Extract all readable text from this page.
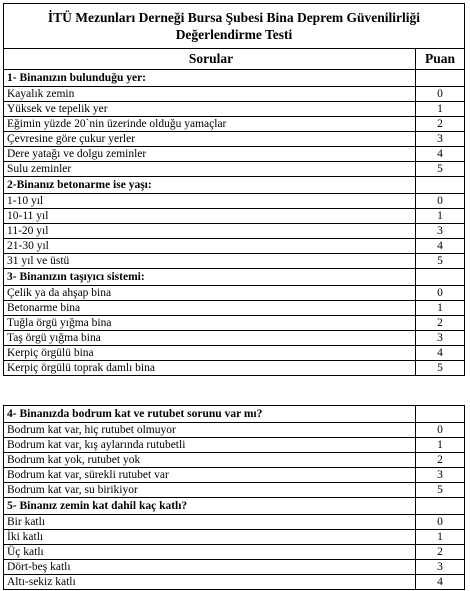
İTÜ Mezunları Derneği Bursa Şubesi Bina Deprem Güvenilirliği Değerlendirme Testi	
Sorular	Puan
1- Binanızın bulunduğu yer:	
Kayalık zemin	0
Yüksek ve tepelik yer	1
Eğimin yüzde 20`nin üzerinde olduğu yamaçlar	2
Çevresine göre çukur yerler	3
Dere yatağı ve dolgu zeminler	4
Sulu zeminler	5
2-Binanız betonarme ise yaşı:	
1-10 yıl	0
10-11 yıl	1
11-20 yıl	3
21-30 yıl	4
31 yıl ve üstü	5
3- Binanızın taşıyıcı sistemi:	
Çelik ya da ahşap bina	0
Betonarme bina	1
Tuğla örgü yığma bina	2
Taş örgü yığma bina	3
Kerpiç örgülü bina	4
Kerpiç örgülü toprak damlı bina	5
4- Binanızda bodrum kat ve rutubet sorunu var mı?	
Bodrum kat var, hiç rutubet olmuyor	0
Bodrum kat var, kış aylarında rutubetli	1
Bodrum kat yok, rutubet yok	2
Bodrum kat var, sürekli rutubet var	3
Bodrum kat var, su birikiyor	5
5- Binanız zemin kat dahil kaç katlı?	
Bir katlı	0
İki katlı	1
Üç katlı	2
Dört-beş katlı	3
Altı-sekiz katlı	4
